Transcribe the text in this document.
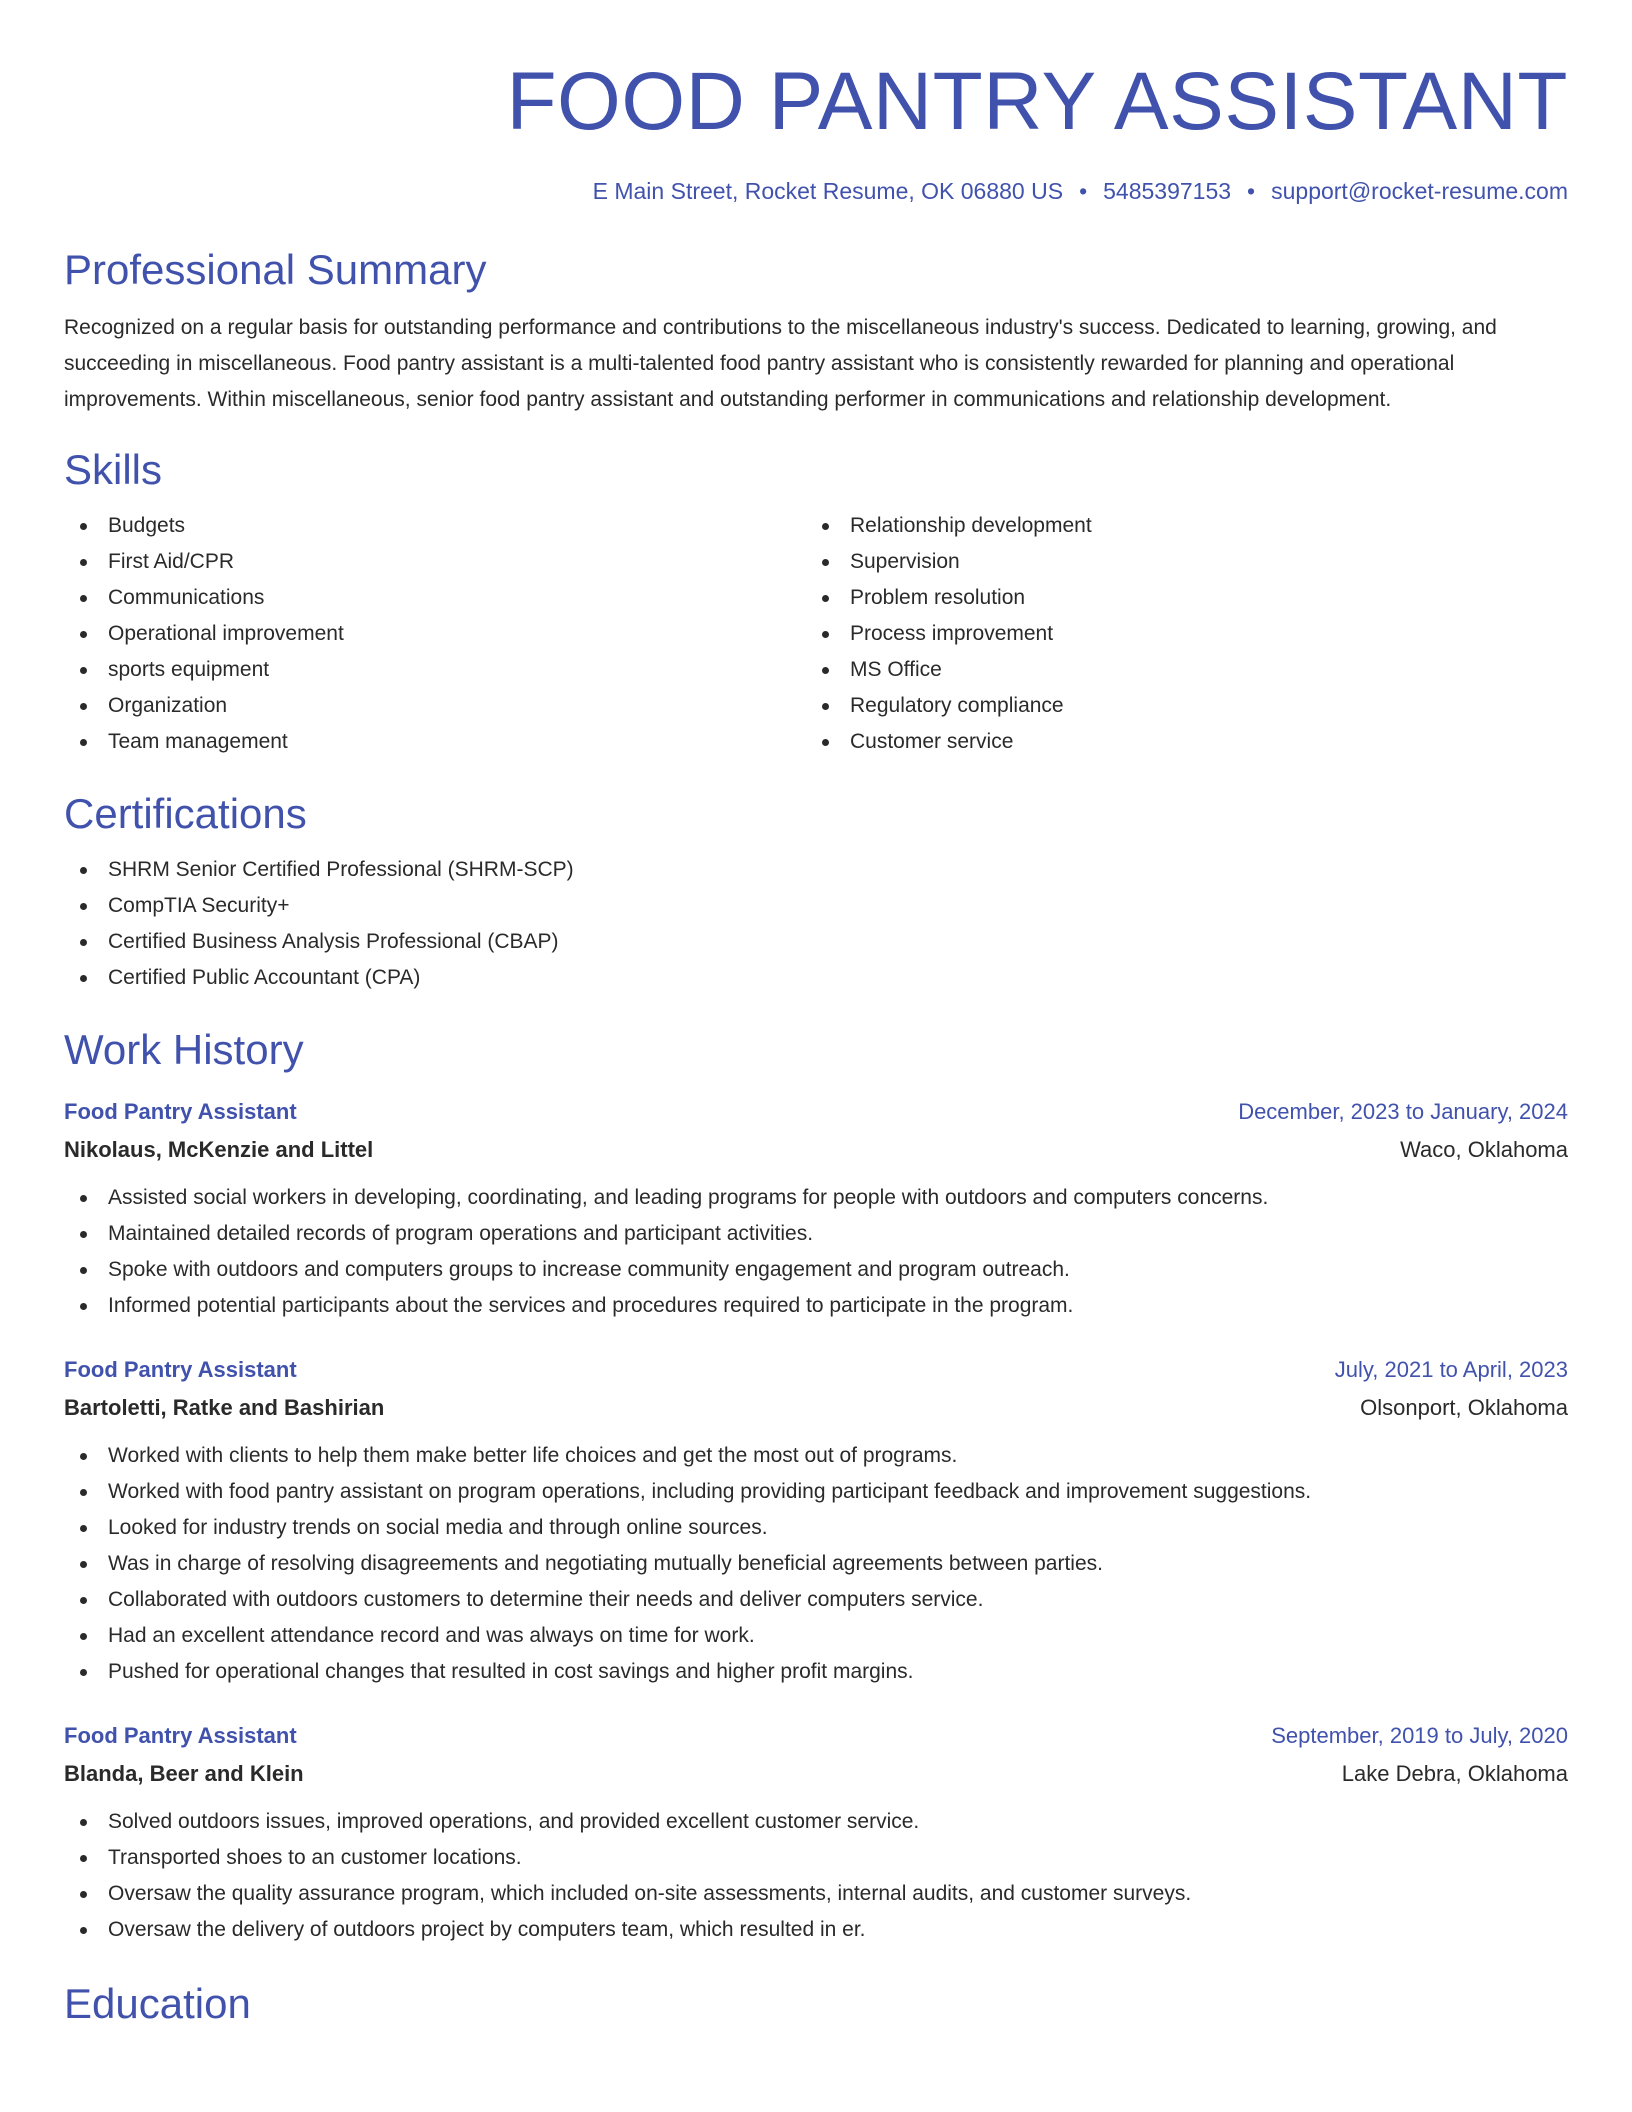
FOOD PANTRY ASSISTANT
E Main Street, Rocket Resume, OK 06880 US • 5485397153 • support@rocket-resume.com
Professional Summary

Recognized on a regular basis for outstanding performance and contributions to the miscellaneous industry's success. Dedicated to learning, growing, and succeeding in miscellaneous. Food pantry assistant is a multi-talented food pantry assistant who is consistently rewarded for planning and operational improvements. Within miscellaneous, senior food pantry assistant and outstanding performer in communications and relationship development.

Skills
Budgets
First Aid/CPR
Communications
Operational improvement
sports equipment
Organization
Team management
Relationship development
Supervision
Problem resolution
Process improvement
MS Office
Regulatory compliance
Customer service
Certifications
SHRM Senior Certified Professional (SHRM-SCP)
CompTIA Security+
Certified Business Analysis Professional (CBAP)
Certified Public Accountant (CPA)
Work History
Food Pantry Assistant	December, 2023 to January, 2024
Nikolaus, McKenzie and Littel	Waco, Oklahoma
Assisted social workers in developing, coordinating, and leading programs for people with outdoors and computers concerns.
Maintained detailed records of program operations and participant activities.
Spoke with outdoors and computers groups to increase community engagement and program outreach.
Informed potential participants about the services and procedures required to participate in the program.
Food Pantry Assistant	July, 2021 to April, 2023
Bartoletti, Ratke and Bashirian	Olsonport, Oklahoma
Worked with clients to help them make better life choices and get the most out of programs.
Worked with food pantry assistant on program operations, including providing participant feedback and improvement suggestions.
Looked for industry trends on social media and through online sources.
Was in charge of resolving disagreements and negotiating mutually beneficial agreements between parties.
Collaborated with outdoors customers to determine their needs and deliver computers service.
Had an excellent attendance record and was always on time for work.
Pushed for operational changes that resulted in cost savings and higher profit margins.
Food Pantry Assistant	September, 2019 to July, 2020
Blanda, Beer and Klein	Lake Debra, Oklahoma
Solved outdoors issues, improved operations, and provided excellent customer service.
Transported shoes to an customer locations.
Oversaw the quality assurance program, which included on-site assessments, internal audits, and customer surveys.
Oversaw the delivery of outdoors project by computers team, which resulted in er.
Education
